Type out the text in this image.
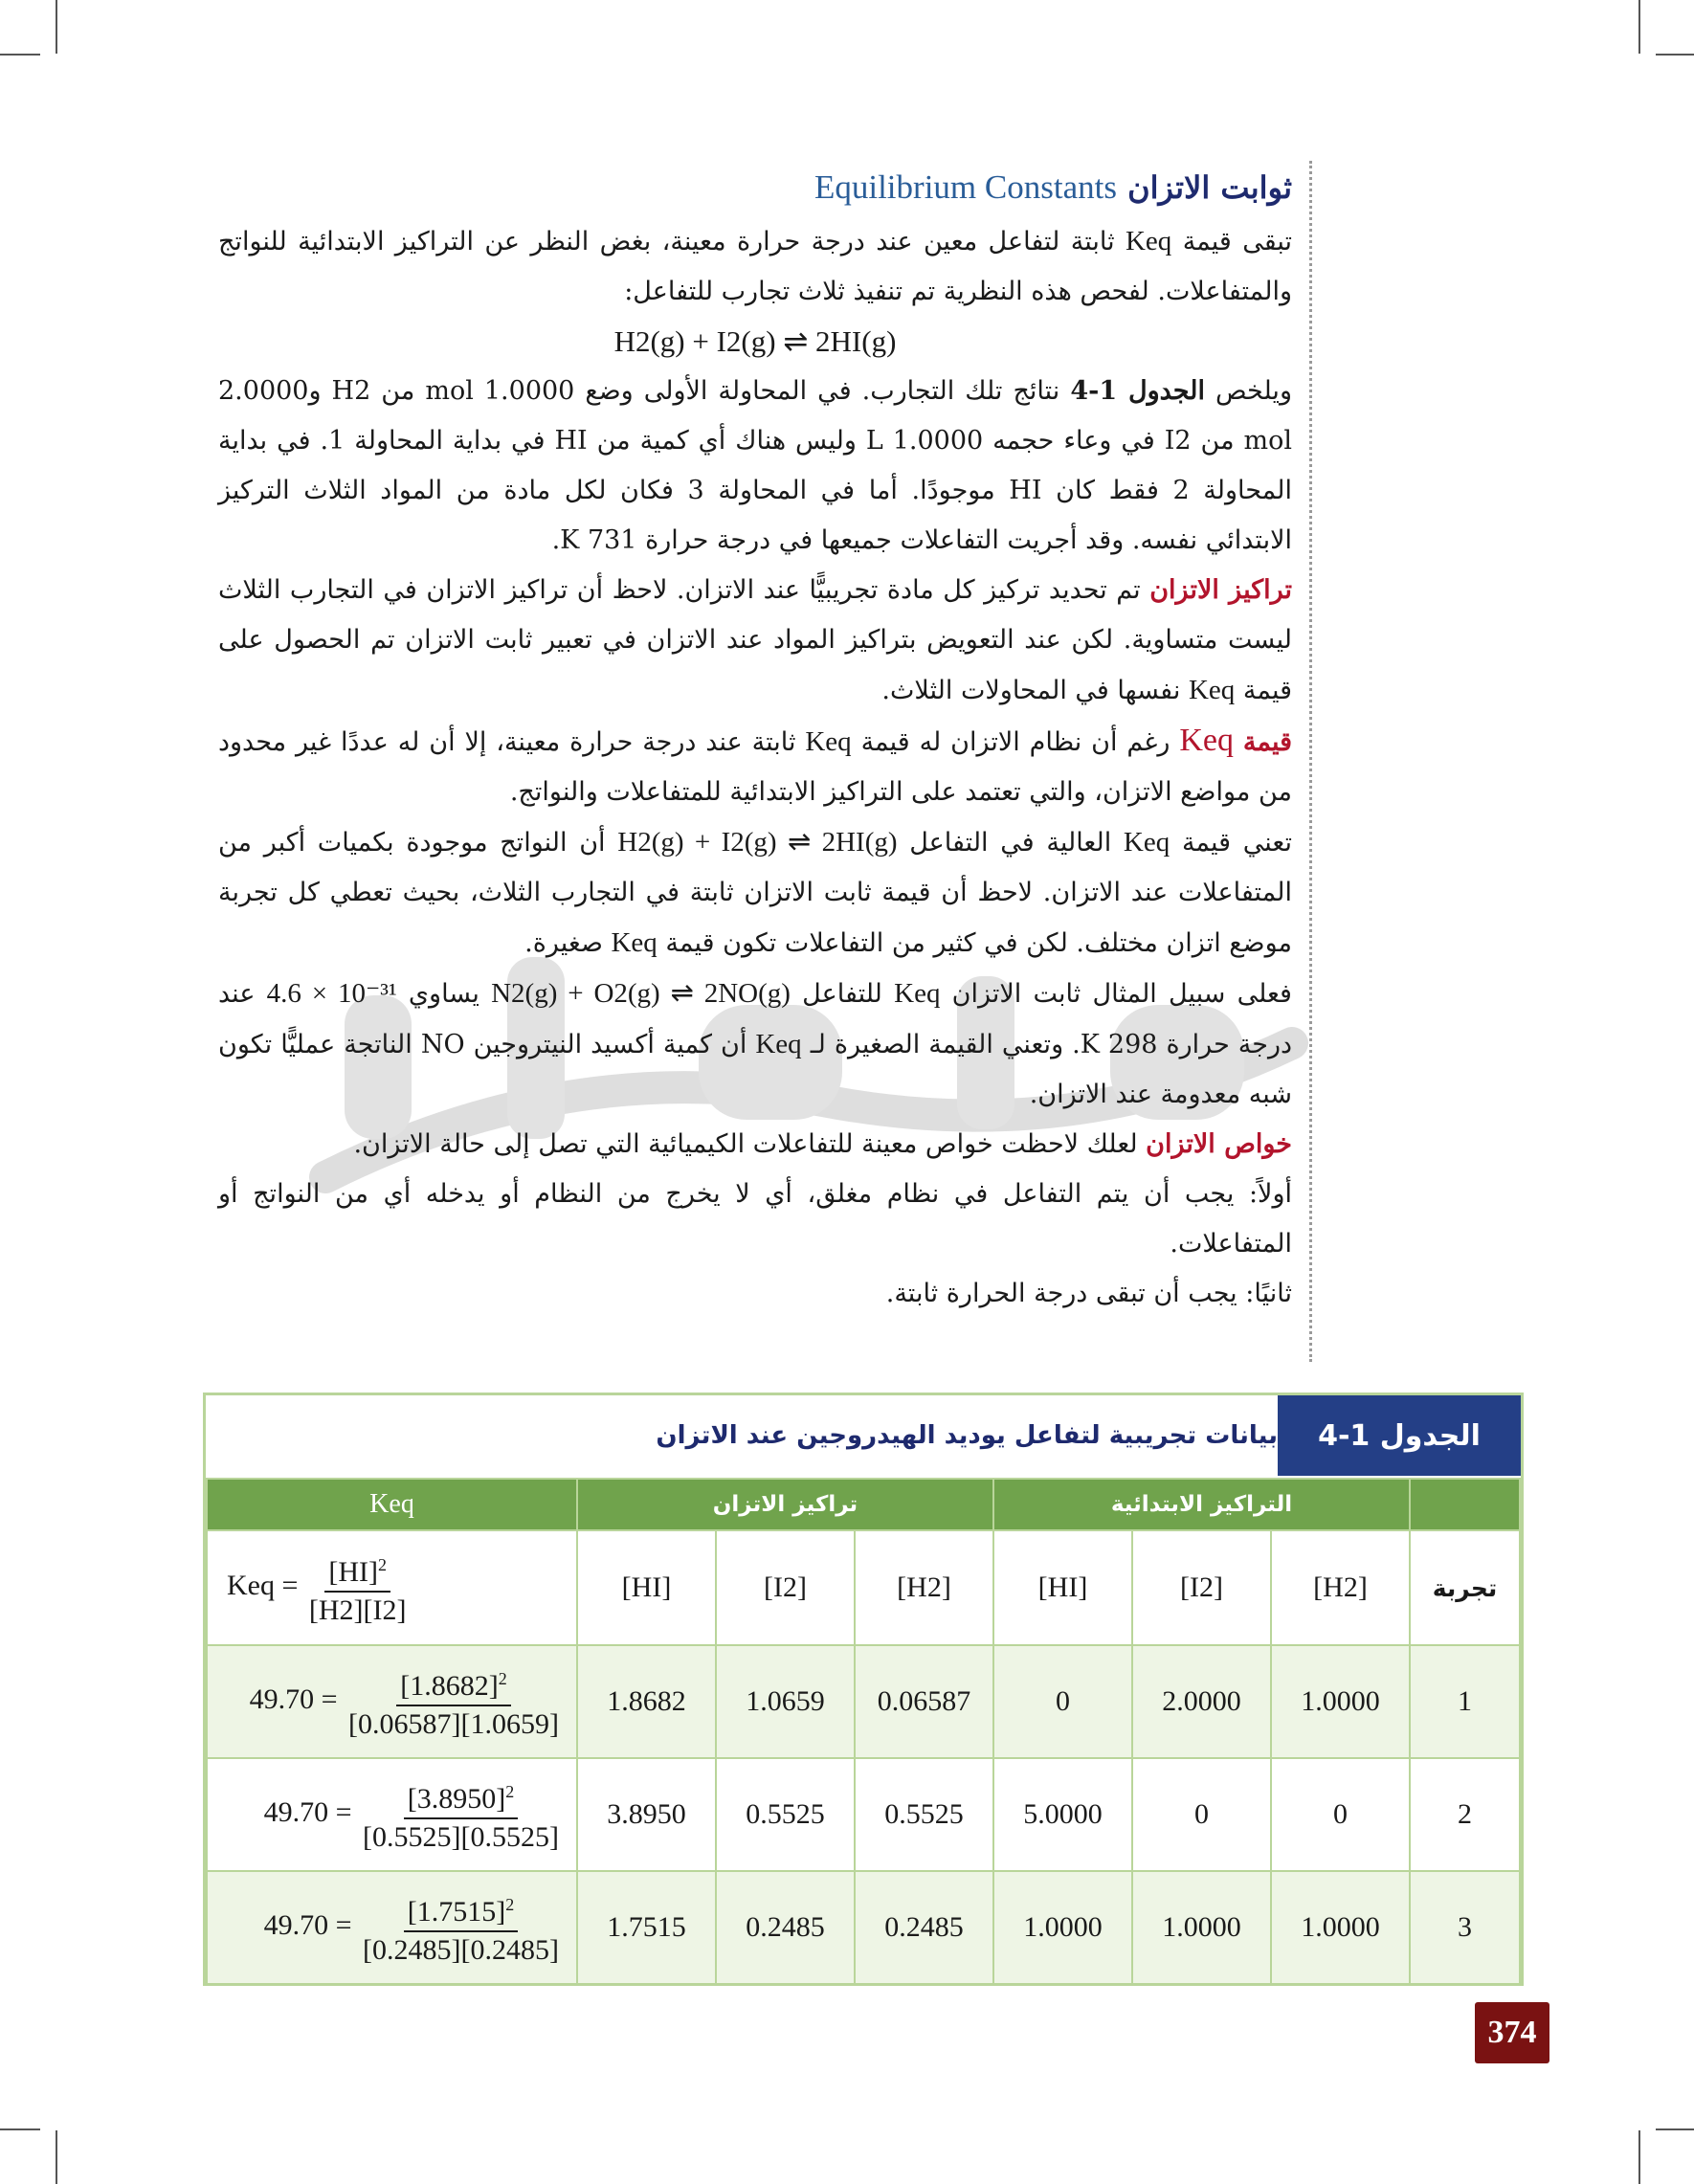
ثوابت الاتزان Equilibrium Constants

تبقى قيمة Keq ثابتة لتفاعل معين عند درجة حرارة معينة، بغض النظر عن التراكيز الابتدائية للنواتج والمتفاعلات. لفحص هذه النظرية تم تنفيذ ثلاث تجارب للتفاعل:

H2(g) + I2(g) ⇌ 2HI(g)

ويلخص الجدول 1-4 نتائج تلك التجارب. في المحاولة الأولى وضع 1.0000 mol من H2 و2.0000 mol من I2 في وعاء حجمه 1.0000 L وليس هناك أي كمية من HI في بداية المحاولة 1. في بداية المحاولة 2 فقط كان HI موجودًا. أما في المحاولة 3 فكان لكل مادة من المواد الثلاث التركيز الابتدائي نفسه. وقد أجريت التفاعلات جميعها في درجة حرارة 731 K.

تراكيز الاتزان تم تحديد تركيز كل مادة تجريبيًّا عند الاتزان. لاحظ أن تراكيز الاتزان في التجارب الثلاث ليست متساوية. لكن عند التعويض بتراكيز المواد عند الاتزان في تعبير ثابت الاتزان تم الحصول على قيمة Keq نفسها في المحاولات الثلاث.

قيمة Keq رغم أن نظام الاتزان له قيمة Keq ثابتة عند درجة حرارة معينة، إلا أن له عددًا غير محدود من مواضع الاتزان، والتي تعتمد على التراكيز الابتدائية للمتفاعلات والنواتج.

تعني قيمة Keq العالية في التفاعل H2(g) + I2(g) ⇌ 2HI(g) أن النواتج موجودة بكميات أكبر من المتفاعلات عند الاتزان. لاحظ أن قيمة ثابت الاتزان ثابتة في التجارب الثلاث، بحيث تعطي كل تجربة موضع اتزان مختلف. لكن في كثير من التفاعلات تكون قيمة Keq صغيرة.

فعلى سبيل المثال ثابت الاتزان Keq للتفاعل N2(g) + O2(g) ⇌ 2NO(g) يساوي 4.6 × 10⁻³¹ عند درجة حرارة 298 K. وتعني القيمة الصغيرة لـ Keq أن كمية أكسيد النيتروجين NO الناتجة عمليًّا تكون شبه معدومة عند الاتزان.

خواص الاتزان لعلك لاحظت خواص معينة للتفاعلات الكيميائية التي تصل إلى حالة الاتزان.

أولاً: يجب أن يتم التفاعل في نظام مغلق، أي لا يخرج من النظام أو يدخله أي من النواتج أو المتفاعلات.

ثانيًا: يجب أن تبقى درجة الحرارة ثابتة.

الجدول 1-4
بيانات تجريبية لتفاعل يوديد الهيدروجين عند الاتزان
	التراكيز الابتدائية			تراكيز الاتزان			Keq
تجربة	[H2]	[I2]	[HI]	[H2]	[I2]	[HI]	Keq = $\frac{[HI]^2}{[H2][I2]}$

1	1.0000	2.0000	0	0.06587	1.0659	1.8682	$49.70 = \frac{[1.8682]^2}{[0.06587][1.0659]}$

2	0	0	5.0000	0.5525	0.5525	3.8950	$49.70 = \frac{[3.8950]^2}{[0.5525][0.5525]}$

3	1.0000	1.0000	1.0000	0.2485	0.2485	1.7515	$49.70 = \frac{[1.7515]^2}{[0.2485][0.2485]}$
374
